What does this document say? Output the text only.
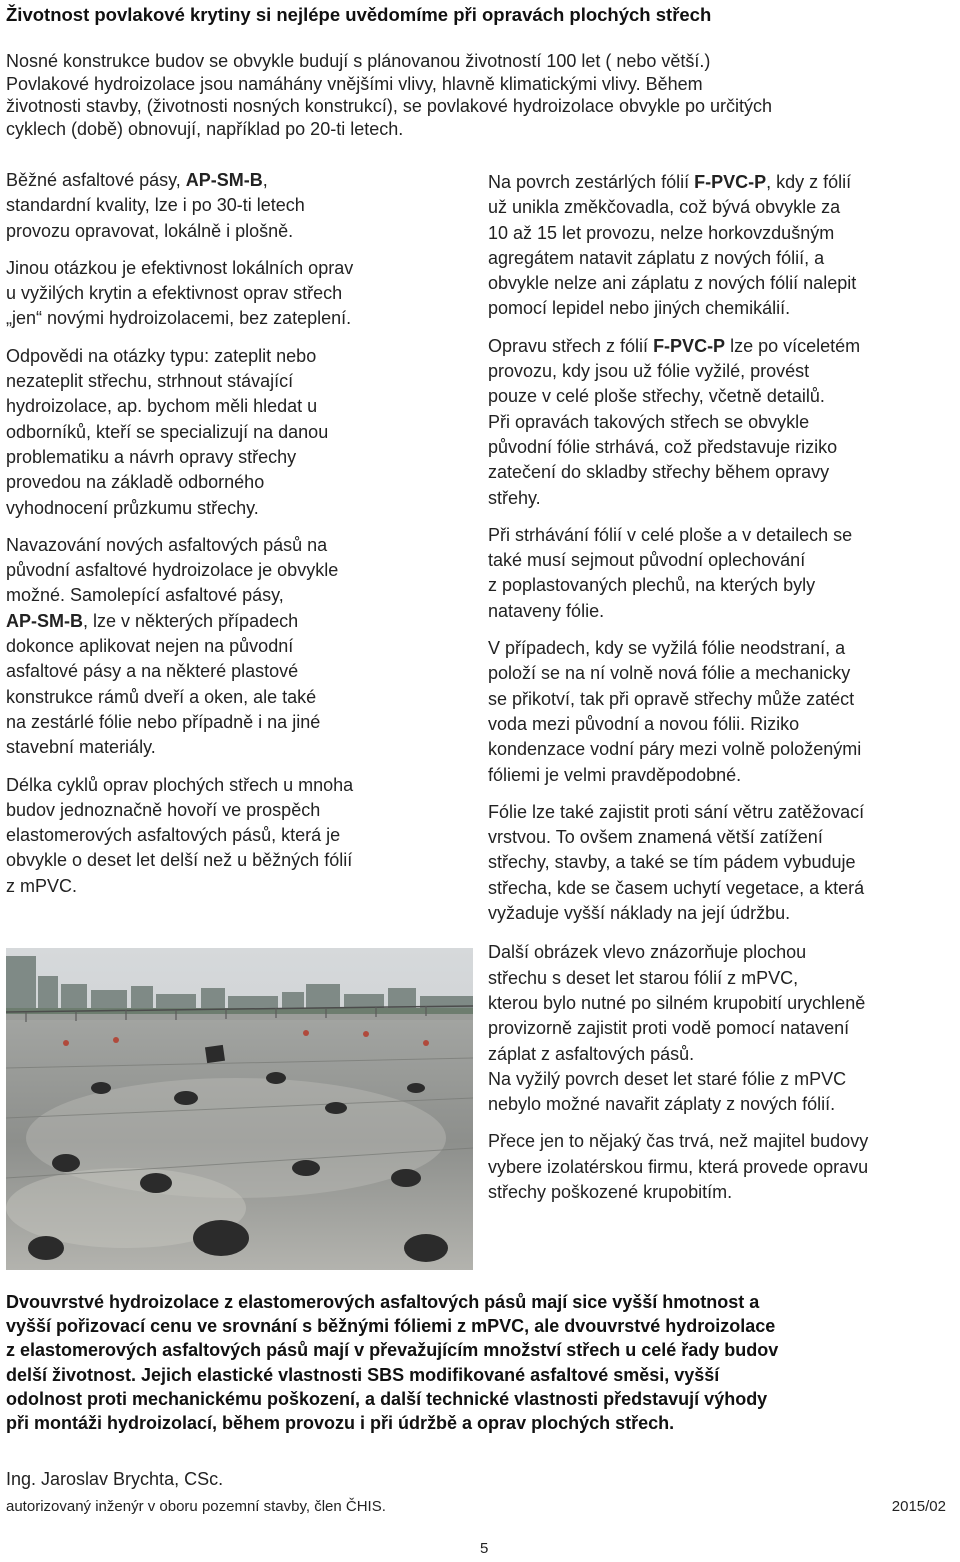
Životnost povlakové krytiny si nejlépe uvědomíme při opravách plochých střech
Nosné konstrukce budov se obvykle budují s plánovanou životností 100 let ( nebo větší.)
Povlakové hydroizolace jsou namáhány vnějšími vlivy, hlavně klimatickými vlivy. Během
životnosti stavby, (životnosti nosných konstrukcí), se povlakové hydroizolace obvykle po určitých
cyklech (době) obnovují, například po 20-ti letech.

Běžné asfaltové pásy, AP-SM-B,
standardní kvality, lze i po 30-ti letech
provozu opravovat, lokálně i plošně.

Jinou otázkou je efektivnost lokálních oprav
u vyžilých krytin a efektivnost oprav střech
„jen“ novými hydroizolacemi, bez zateplení.

Odpovědi na otázky typu: zateplit nebo
nezateplit střechu, strhnout stávající
hydroizolace, ap. bychom měli hledat u
odborníků, kteří se specializují na danou
problematiku a návrh opravy střechy
provedou na základě odborného
vyhodnocení průzkumu střechy.

Navazování nových asfaltových pásů na
původní asfaltové hydroizolace je obvykle
možné. Samolepící asfaltové pásy,
AP-SM-B, lze v některých případech
dokonce aplikovat nejen na původní
asfaltové pásy a na některé plastové
konstrukce rámů dveří a oken, ale také
na zestárlé fólie nebo případně i na jiné
stavební materiály.

Délka cyklů oprav plochých střech u mnoha
budov jednoznačně hovoří ve prospěch
elastomerových asfaltových pásů, která je
obvykle o deset let delší než u běžných fólií
z mPVC.

Na povrch zestárlých fólií F-PVC-P, kdy z fólií
už unikla změkčovadla, což bývá obvykle za
10 až 15 let provozu, nelze horkovzdušným
agregátem natavit záplatu z nových fólií, a
obvykle nelze ani záplatu z nových fólií nalepit
pomocí lepidel nebo jiných chemikálií.

Opravu střech z fólií F-PVC-P lze po víceletém
provozu, kdy jsou už fólie vyžilé, provést
pouze v celé ploše střechy, včetně detailů.
Při opravách takových střech se obvykle
původní fólie strhává, což představuje riziko
zatečení do skladby střechy během opravy
střehy.

Při strhávání fólií v celé ploše a v detailech se
také musí sejmout původní oplechování
z poplastovaných plechů, na kterých byly
nataveny fólie.

V případech, kdy se vyžilá fólie neodstraní, a
položí se na ní volně nová fólie a mechanicky
se přikotví, tak při opravě střechy může zatéct
voda mezi původní a novou fólii. Riziko
kondenzace vodní páry mezi volně položenými
fóliemi je velmi pravděpodobné.

Fólie lze také zajistit proti sání větru zatěžovací
vrstvou. To ovšem znamená větší zatížení
střechy, stavby, a také se tím pádem vybuduje
střecha, kde se časem uchytí vegetace, a která
vyžaduje vyšší náklady na její údržbu.

Další obrázek vlevo znázorňuje plochou
střechu s deset let starou fólií z mPVC,
kterou bylo nutné po silném krupobití urychleně
provizorně zajistit proti vodě pomocí natavení
záplat z asfaltových pásů.
Na vyžilý povrch deset let staré fólie z mPVC
nebylo možné navařit záplaty z nových fólií.

Přece jen to nějaký čas trvá, než majitel budovy
vybere izolatérskou firmu, která provede opravu
střechy poškozené krupobitím.

Dvouvrstvé hydroizolace z elastomerových asfaltových pásů mají sice vyšší hmotnost a
vyšší pořizovací cenu ve srovnání s běžnými fóliemi z mPVC, ale dvouvrstvé hydroizolace
z elastomerových asfaltových pásů mají v převažujícím množství střech u celé řady budov
delší životnost. Jejich elastické vlastnosti SBS modifikované asfaltové směsi, vyšší
odolnost proti mechanickému poškození, a další technické vlastnosti představují výhody
při montáži hydroizolací, během provozu i při údržbě a oprav plochých střech.
Ing. Jaroslav Brychta, CSc.
autorizovaný inženýr v oboru pozemní stavby, člen ČHIS.	2015/02
5
